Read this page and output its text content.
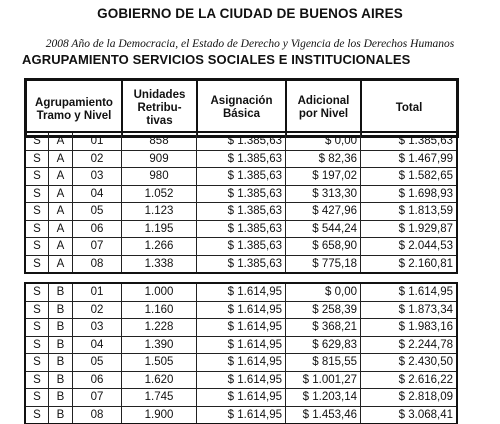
GOBIERNO DE LA CIUDAD DE BUENOS AIRES
2008 Año de la Democracia, el Estado de Derecho y Vigencia de los Derechos Humanos
AGRUPAMIENTO SERVICIOS SOCIALES E INSTITUCIONALES
Agrupamiento
Tramo y Nivel

Unidades
Retribu-
tivas

Asignación
Básica

Adicional
por Nivel

Total
S	A	01	858	$ 1.385,63	$ 0,00	$ 1.385,63
S	A	02	909	$ 1.385,63	$ 82,36	$ 1.467,99
S	A	03	980	$ 1.385,63	$ 197,02	$ 1.582,65
S	A	04	1.052	$ 1.385,63	$ 313,30	$ 1.698,93
S	A	05	1.123	$ 1.385,63	$ 427,96	$ 1.813,59
S	A	06	1.195	$ 1.385,63	$ 544,24	$ 1.929,87
S	A	07	1.266	$ 1.385,63	$ 658,90	$ 2.044,53
S	A	08	1.338	$ 1.385,63	$ 775,18	$ 2.160,81
S	B	01	1.000	$ 1.614,95	$ 0,00	$ 1.614,95
S	B	02	1.160	$ 1.614,95	$ 258,39	$ 1.873,34
S	B	03	1.228	$ 1.614,95	$ 368,21	$ 1.983,16
S	B	04	1.390	$ 1.614,95	$ 629,83	$ 2.244,78
S	B	05	1.505	$ 1.614,95	$ 815,55	$ 2.430,50
S	B	06	1.620	$ 1.614,95	$ 1.001,27	$ 2.616,22
S	B	07	1.745	$ 1.614,95	$ 1.203,14	$ 2.818,09
S	B	08	1.900	$ 1.614,95	$ 1.453,46	$ 3.068,41
